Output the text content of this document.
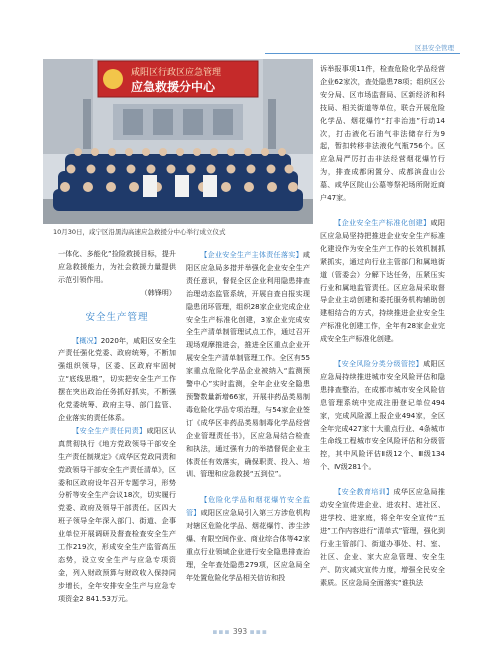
区县安全管理
咸阳区行政区应急管理
应急救援分中心
10月30日，咸宁区沿黑沟高速应急救援分中心举行成立仪式

一体化、多能化”​捡险救援目标，提升应急救援能力，为社会救援力量提供示范引领作用。

（韩锋明）

安全生产管理

【概况】2020年，咸阳区安全生产责任强化党委、政府统筹，不断加强组织领导，区委、区政府牢固树立“底线思维”，切实把安全生产工作摆在突出政治任务抓好抓实，不断强化党委统筹、政府主导、部门监管、企业落实的责任体系。

【安全生产责任同责】咸阳区认真贯彻执行《地方党政领导干部安全生产责任制规定》《成华区党政同责和党政领导干部安全生产责任清单》，区委和区政府设年召开专题学习，形势分析等安全生产会议18次，切实履行党委、政府及领导干部责任。区四大班子领导全年深入部门、街道、企事业单位开展调研及督查检查安全生产工作219次，形成安全生产监管高压态势，设立安全生产与应急专项资金，列入财政预算与财政收入保持同步增长，全年安排安全生产与应急专项资金2 841.53万元。

【企业安全生产主体责任落实】咸阳区应急局多措并举强化企业安全生产责任意识，督促全区企业利用隐患排查治理动态监管系统，开展自查自报实现隐患闭环管理，组织28家企业完成企业安全生产标准化创建，3家企业完成安全生产清单制管理试点工作，通过召开现场观摩推进会，推进全区重点企业开展安全生产清单制管理工作。全区有55家重点危险化学品企业被纳入“监测预警中心”实时监测，全年企业安全隐患预警数量新增66家，开展非药品类易制毒危险化学品专项治理，与54家企业签订《成华区非药品类易制毒化学品经营企业管理责任书》，区应急局结合检查和执法，通过强有力的举措督促企业主体责任有效落实，确保职责、投入、培训、管理和应急救援“五到位”。

【危险化学品和烟花爆竹安全监管】咸阳区应急局引入第三方涉危机构对辖区危险化学品、烟花爆竹、涉尘涉爆、有限空间作业、商业综合体等42家重点行业领域企业进行安全隐患排查治理，全年查处隐患279项，区应急局全年处置危险化学品相关信访和投

诉举报事项11件，检查危险化学品经营企业62家次，查处隐患78项；组织区公安分局、区市场监督局、区新经济和科技局、相关街道等单位，联合开展危险化学品、烟花爆竹“打非治违”行动14次，打击液化石油气非法储存行为9起，暂扣转移非法液化气瓶756个。区应急局严厉打击非法经营烟花爆竹行为，排查成都闲置分、成都滨盘山公墓、咸华区院山公墓等祭祀场所附近商户47家。

【企业安全生产标准化创建】咸阳区应急局坚持把推进企业安全生产标准化建设作为安全生产工作的长效机制抓紧抓实，通过向行业主管部门和属地街道（管委会）分解下达任务，压紧压实行业和属地监管责任。区应急局采取督导企业主动创建和委托服务机构辅助创建相结合的方式，持续推进企业安全生产标准化创建工作，全年有28家企业完成安全生产标准化创建。

【安全风险分类分级管控】咸阳区应急局持续推进城市安全风险评估和隐患排查整治，在成都市城市安全风险信息管理系统中完成注册登记单位494家，完成风险源上报企业494家，全区全年完成427家十大重点行业、4条城市生命线工程城市安全风险评估和分级管控，其中风险评估Ⅱ级12个、Ⅲ级134个、Ⅳ级281个。

【安全教育培训】成华区应急局推动安全宣传进企业、进农村、进社区、进学校、进家庭，将全年安全宣传“五进”工作内容进行“清单式”管理，强化到行业主管部门、街道办事处、村、室、社区、企业、家大应急管理、安全生产、防灾减灾宣传力度，增强全民安全素质。区应急局全面落实“谁执法

▪▪▪ 393 ▪▪▪
